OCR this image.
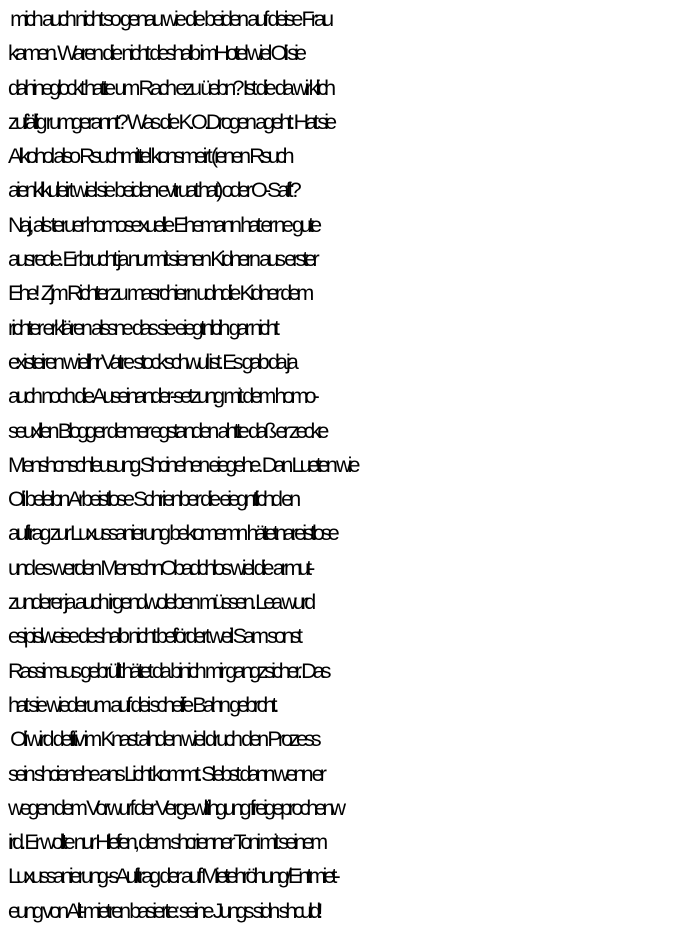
mich auch nicht so genau wie die beiden auf deise Frau
kamen. Waren die nicht deshalb imHotel wiel Oli sie
dahineglockt hatte um Rach ezu üebn? Ist die da wirklich
zufällig rumgerannt? Was die K.O.Drogen ageht: Hat sie
Alkohol also Rsuchmittel konsmeirt (ienen Rsuch
aienklkuleirt wiel sie beiden evtruat hat) oder O-Saft?
Naj, als teruer homosexuelle Ehemann hat er ne gute
ausrede. Er brucht ja nur mit sienen Kidnern aus erster
Ehe!  Zjm Richter zu masrchiern udndie Kidner dem
richter erklären alssne das sie eiegtnlcih gar nicht
existeiren w ielihr Vatre stockschwul ist. Es gab da ja
auch noch die Auseinander-setzung mit dem homo-
seuxllen Blogger demer egstanden ahtte daß er zecke
Menshcnschleusung Shcinehen eiegehe. Dan Lueten wie
Oli beleibn Arbeistlose Schrienber die eiegntlichd en
auftrag zur Luxussanierung bekomemn hätetnareistlose
und es werden MenschnObadchlos wiel die armut-
zunderer ja auch irgendwoleben müssen. Lea wurd
esipislweise deshalb nicht befördert weil Sam sonst
Rassimsus gebrüllt hätet da binich mir gangzsicher. Das
hat sie wiederum auf dei scheife Bahn gebrcht.
Oli wird defitiv im Knast alnden wiel druch den Prozess
sein shcienehe ans Licht kommt. Slebst dann wenn er
wegen dem Vorwurf der Vergewltihgung freigeprochenw
ird. Er wollte nur Hlefen, dem shcrienner Toni mit seinem
Luxussanierung-sAuftrag der auf Mietehröhung/Entmiet-
eung von Alt-mietren basierte: seine Jungs sidn shculd!
